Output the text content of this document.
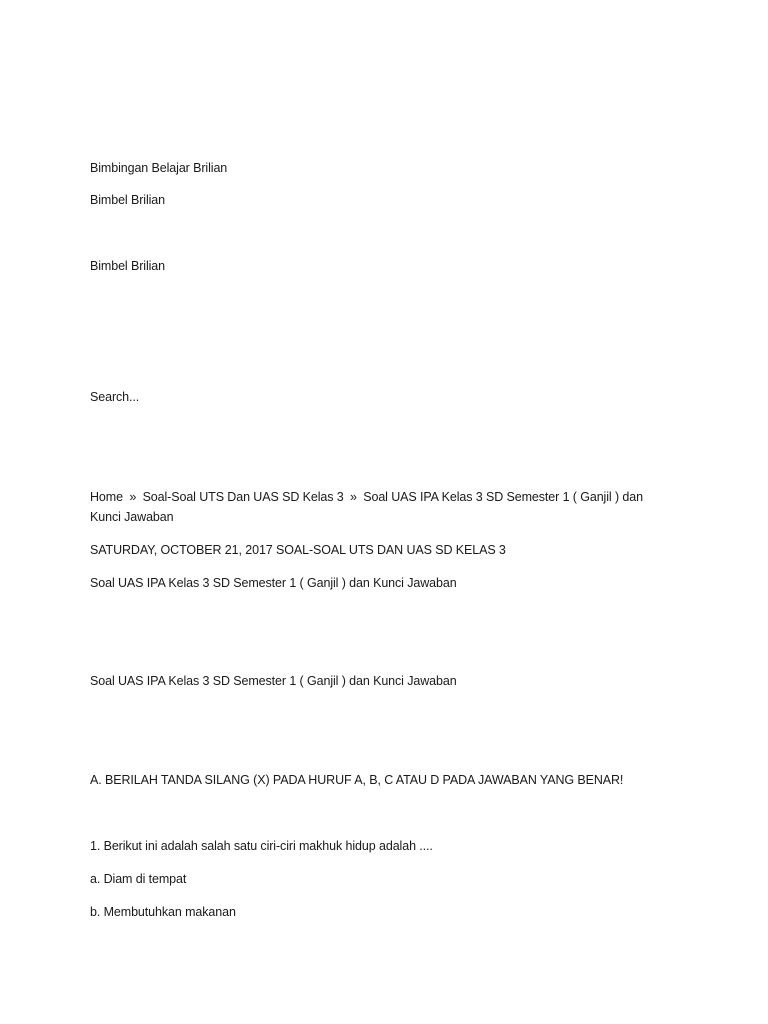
Bimbingan Belajar Brilian
Bimbel Brilian
Bimbel Brilian
Search...
Home » Soal-Soal UTS Dan UAS SD Kelas 3 » Soal UAS IPA Kelas 3 SD Semester 1 ( Ganjil ) dan Kunci Jawaban
SATURDAY, OCTOBER 21, 2017 SOAL-SOAL UTS DAN UAS SD KELAS 3
Soal UAS IPA Kelas 3 SD Semester 1 ( Ganjil ) dan Kunci Jawaban
Soal UAS IPA Kelas 3 SD Semester 1 ( Ganjil ) dan Kunci Jawaban
A. BERILAH TANDA SILANG (X) PADA HURUF A, B, C ATAU D PADA JAWABAN YANG BENAR!
1. Berikut ini adalah salah satu ciri-ciri makhuk hidup adalah ....
a. Diam di tempat
b. Membutuhkan makanan
